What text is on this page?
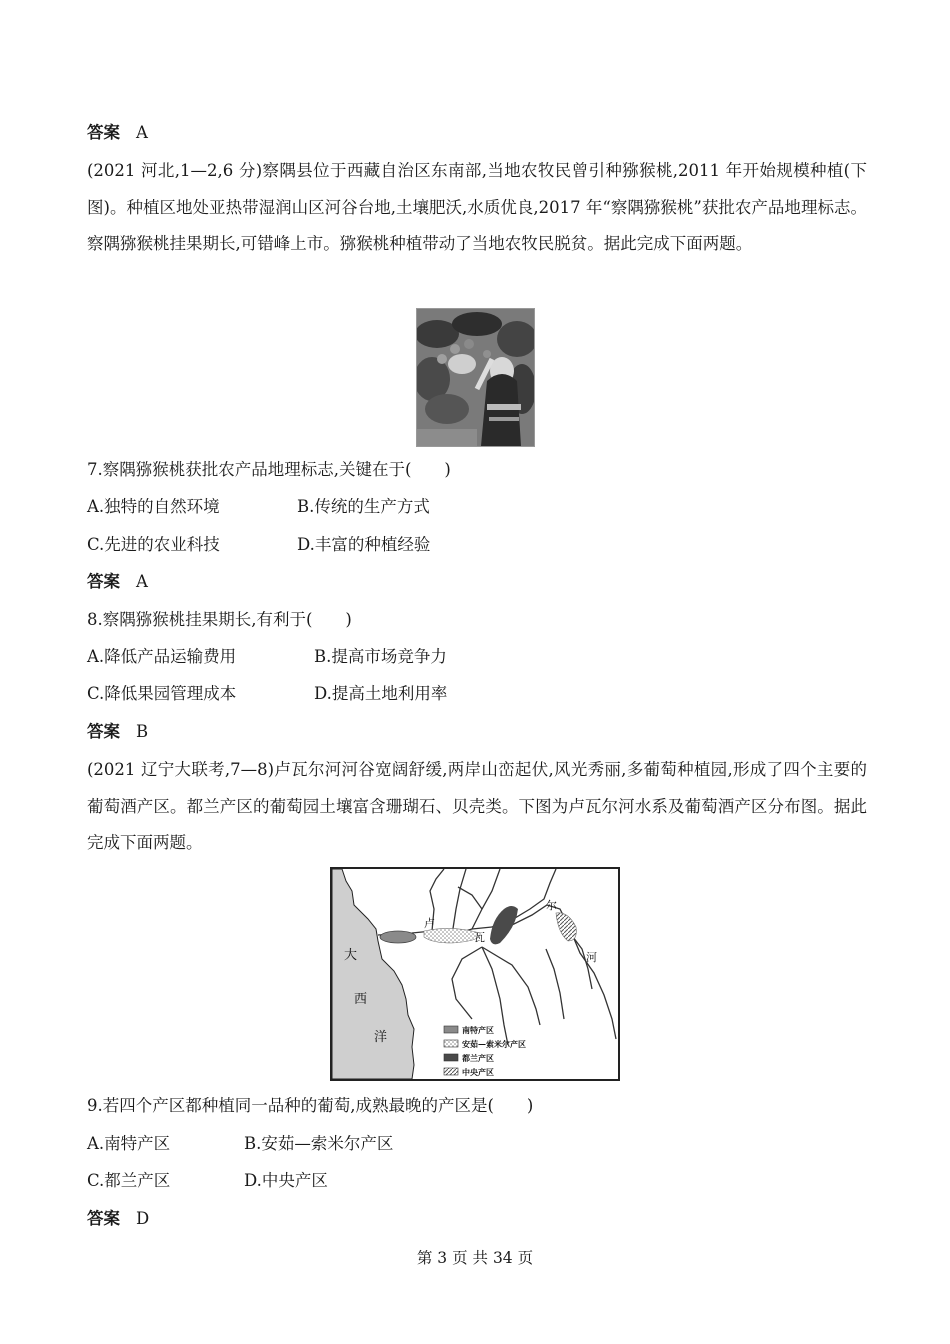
答案 A
(2021 河北,1—2,6 分)察隅县位于西藏自治区东南部,当地农牧民曾引种猕猴桃,2011 年开始规模种植(下图)。种植区地处亚热带湿润山区河谷台地,土壤肥沃,水质优良,2017 年“察隅猕猴桃”获批农产品地理标志。察隅猕猴桃挂果期长,可错峰上市。猕猴桃种植带动了当地农牧民脱贫。据此完成下面两题。
7.察隅猕猴桃获批农产品地理标志,关键在于(　　)
A.独特的自然环境	B.传统的生产方式
C.先进的农业科技	D.丰富的种植经验
答案 A
8.察隅猕猴桃挂果期长,有利于(　　)
A.降低产品运输费用	B.提高市场竞争力
C.降低果园管理成本	D.提高土地利用率
答案 B
(2021 辽宁大联考,7—8)卢瓦尔河河谷宽阔舒缓,两岸山峦起伏,风光秀丽,多葡萄种植园,形成了四个主要的葡萄酒产区。都兰产区的葡萄园土壤富含珊瑚石、贝壳类。下图为卢瓦尔河水系及葡萄酒产区分布图。据此完成下面两题。
大
西
洋
卢
瓦
尔
河
南特产区
安茹—索米尔产区
都兰产区
中央产区
9.若四个产区都种植同一品种的葡萄,成熟最晚的产区是(　　)
A.南特产区	B.安茹—索米尔产区
C.都兰产区	D.中央产区
答案 D
第 3 页 共 34 页
